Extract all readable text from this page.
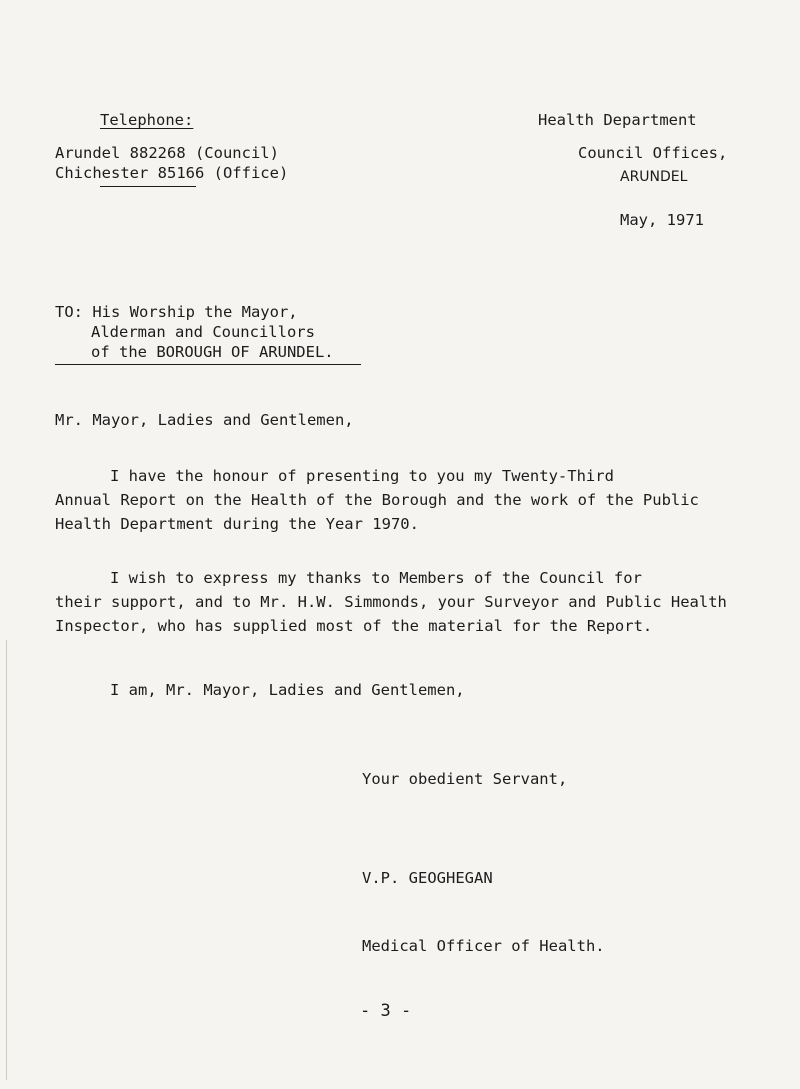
Telephone:
Arundel 882268 (Council)
Chichester 85166 (Office)
Health Department
Council Offices,
ARUNDEL
May, 1971
TO: His Worship the Mayor,
Alderman and Councillors
of the BOROUGH OF ARUNDEL.
Mr. Mayor, Ladies and Gentlemen,
I have the honour of presenting to you my Twenty-Third
Annual Report on the Health of the Borough and the work of the Public
Health Department during the Year 1970.
I wish to express my thanks to Members of the Council for
their support, and to Mr. H.W. Simmonds, your Surveyor and Public Health
Inspector, who has supplied most of the material for the Report.
I am, Mr. Mayor, Ladies and Gentlemen,
Your obedient Servant,
V.P. GEOGHEGAN
Medical Officer of Health.
- 3 -
